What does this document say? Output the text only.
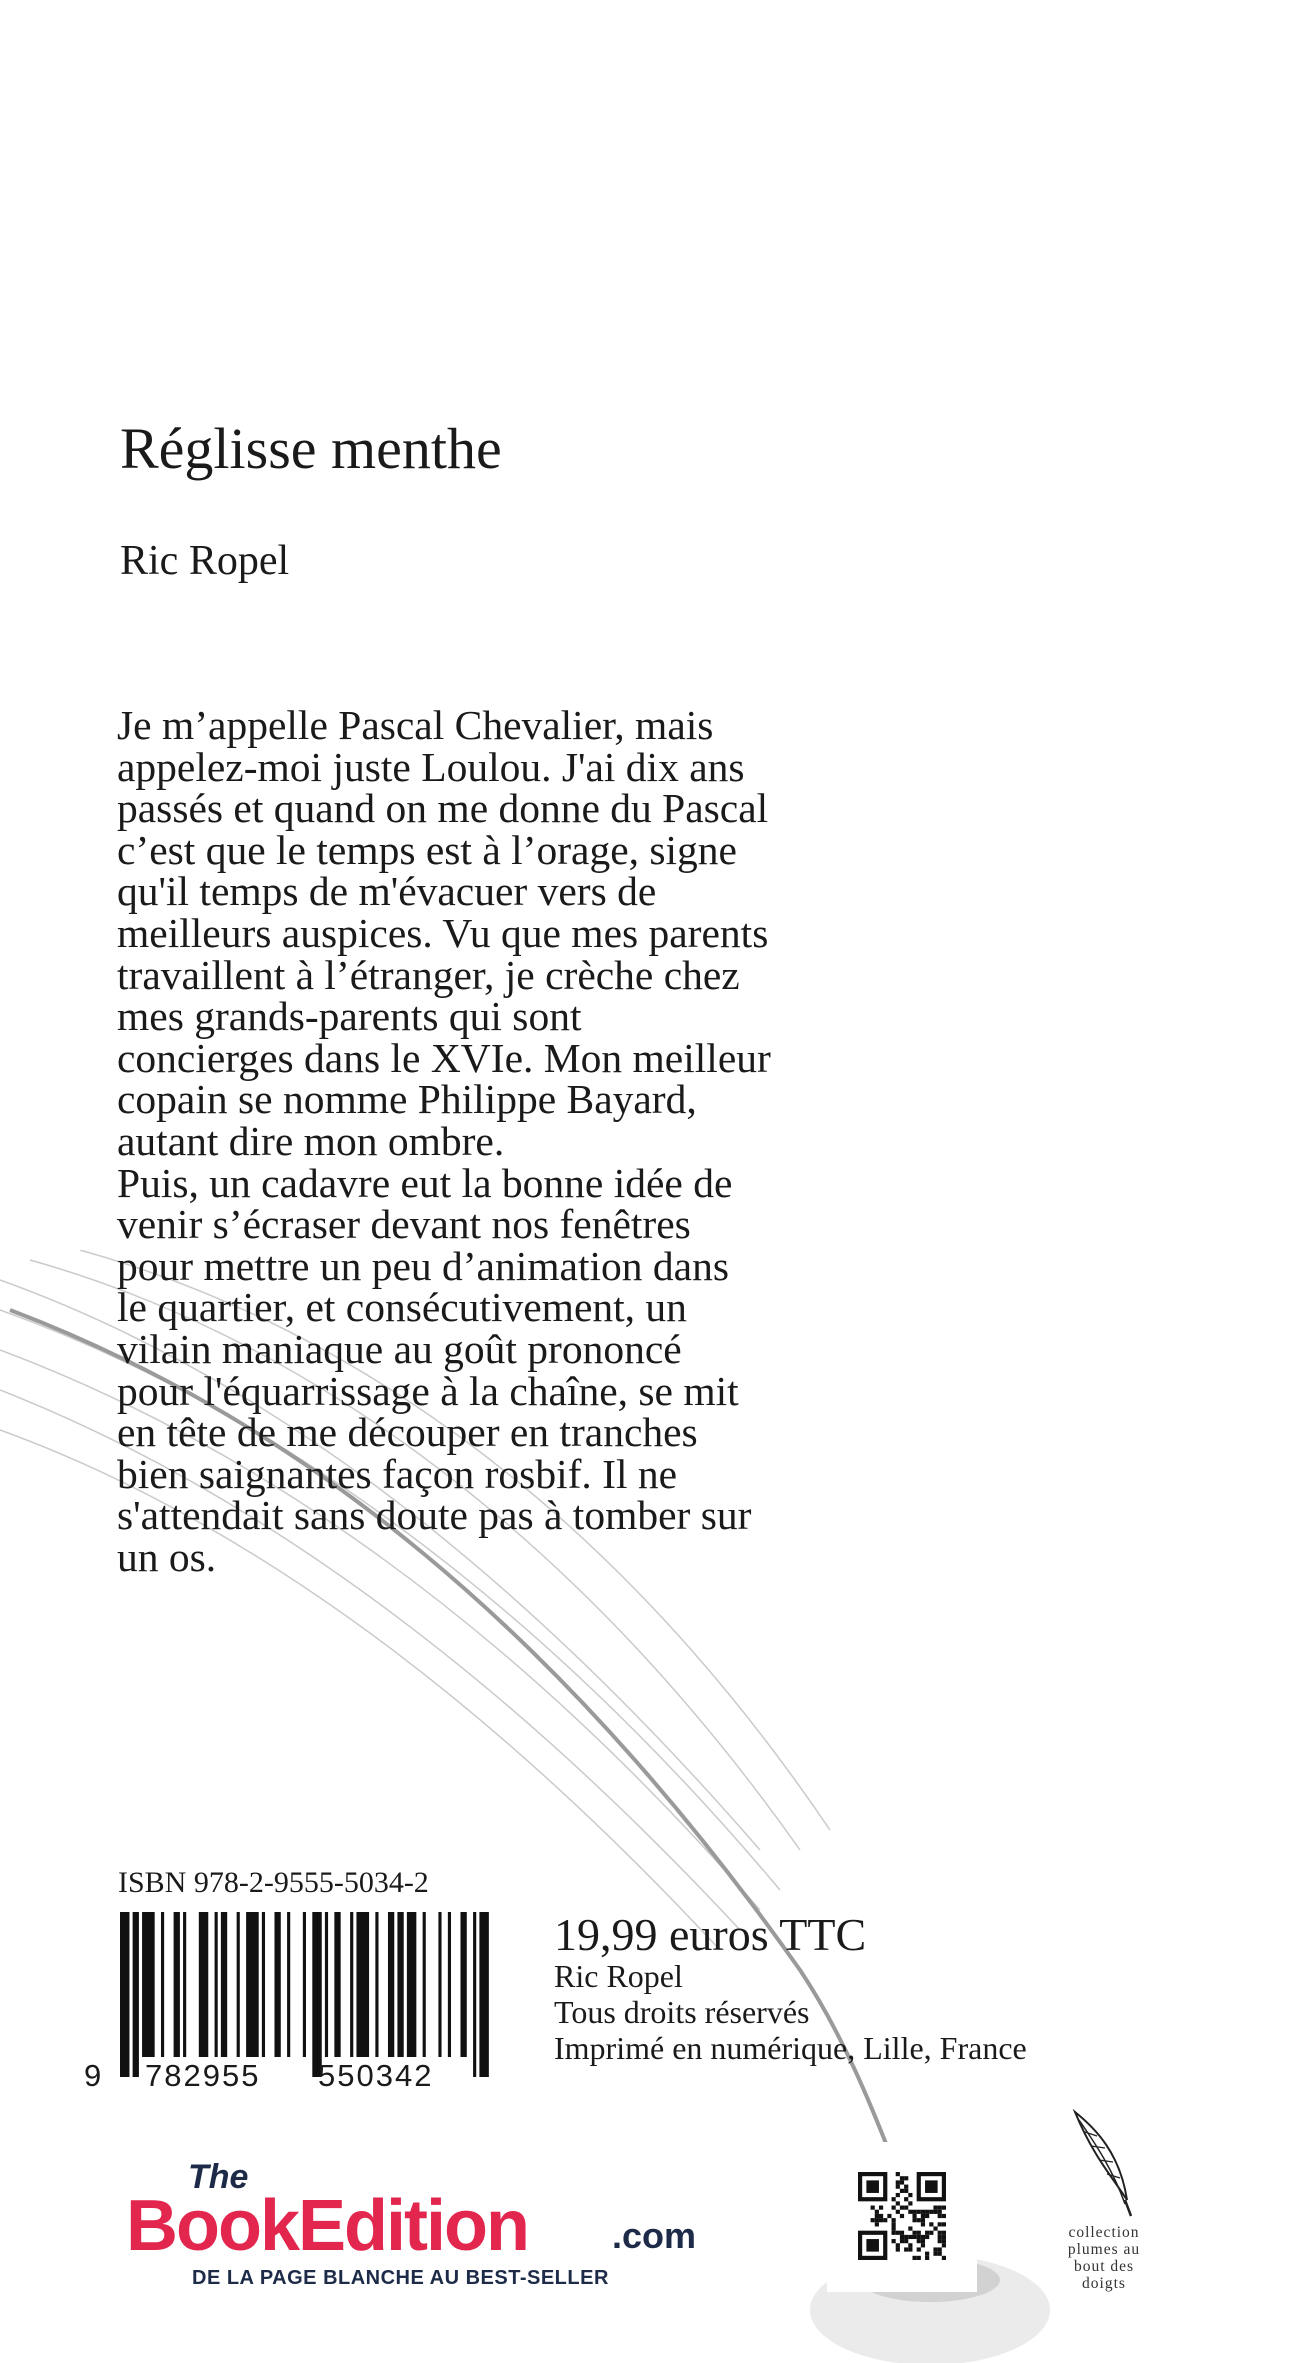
Réglisse menthe
Ric Ropel

Je m’appelle Pascal Chevalier, mais
appelez-moi juste Loulou. J'ai dix ans
passés et quand on me donne du Pascal
c’est que le temps est à l’orage, signe
qu'il temps de m'évacuer vers de
meilleurs auspices. Vu que mes parents
travaillent à l’étranger, je crèche chez
mes grands-parents qui sont
concierges dans le XVIe. Mon meilleur
copain se nomme Philippe Bayard,
autant dire mon ombre.
Puis, un cadavre eut la bonne idée de
venir s’écraser devant nos fenêtres
pour mettre un peu d’animation dans
le quartier, et consécutivement, un
vilain maniaque au goût prononcé
pour l'équarrissage à la chaîne, se mit
en tête de me découper en tranches
bien saignantes façon rosbif. Il ne
s'attendait sans doute pas à tomber sur
un os.

ISBN 978-2-9555-5034-2
9 782955 550342
19,99 euros TTC
Ric Ropel
Tous droits réservés
Imprimé en numérique, Lille, France
The
BookEdition .com
DE LA PAGE BLANCHE AU BEST-SELLER
collection
plumes au
bout des
doigts
